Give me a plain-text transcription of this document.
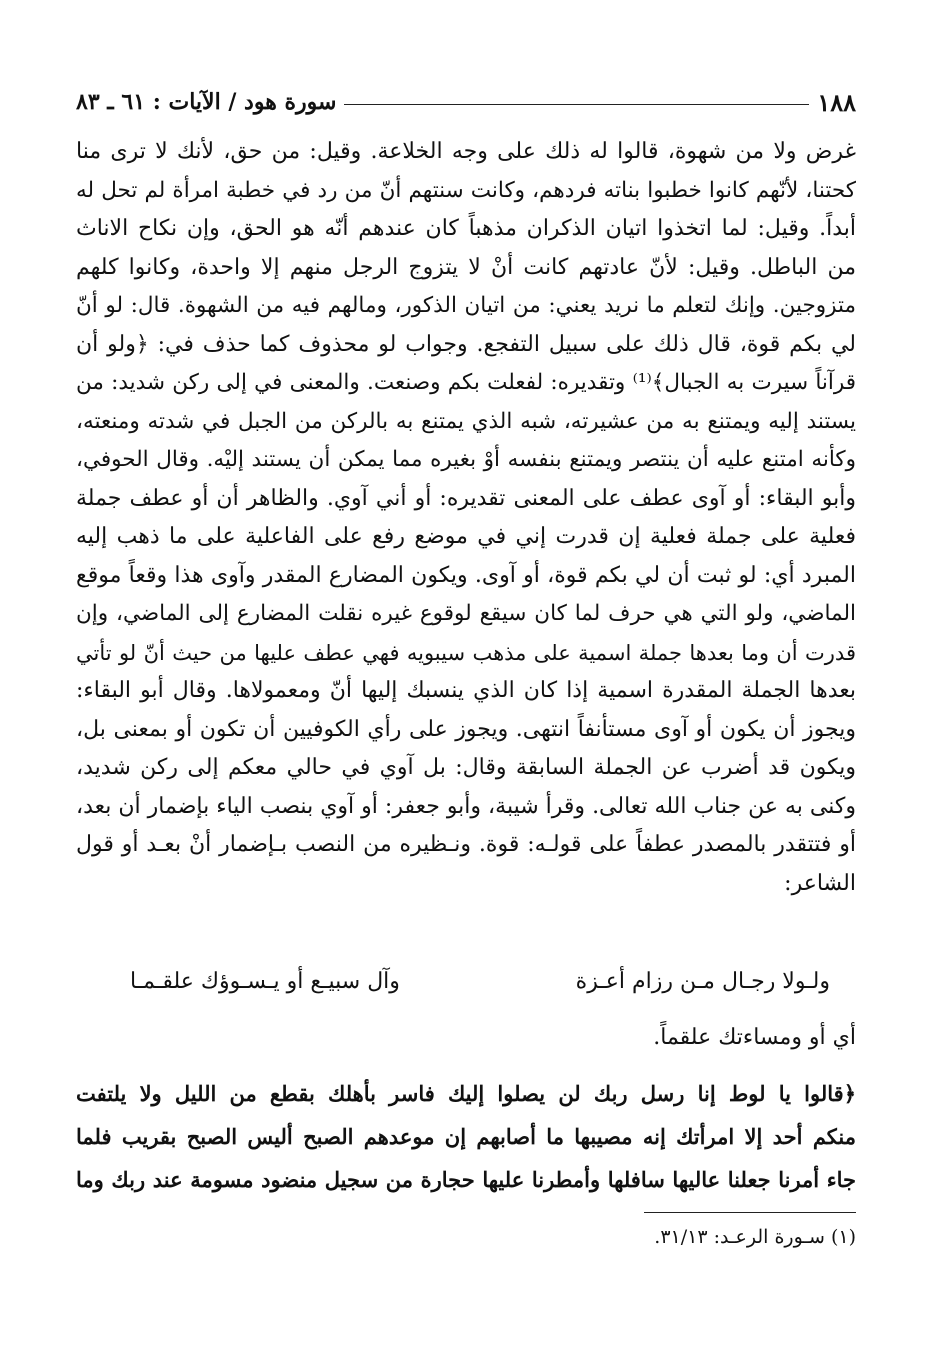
١٨٨
سورة هود / الآيات : ٦١ ـ ٨٣
غرض ولا من شهوة، قالوا له ذلك على وجه الخلاعة. وقيل: من حق، لأنك لا ترى منا
كحتنا، لأنّهم كانوا خطبوا بناته فردهم، وكانت سنتهم أنّ من رد في خطبة امرأة لم تحل له
أبداً. وقيل: لما اتخذوا اتيان الذكران مذهباً كان عندهم أنّه هو الحق، وإن نكاح الاناث
من الباطل. وقيل: لأنّ عادتهم كانت أنْ لا يتزوج الرجل منهم إلا واحدة، وكانوا كلهم
متزوجين. وإنك لتعلم ما نريد يعني: من اتيان الذكور، ومالهم فيه من الشهوة. قال: لو أنّ
لي بكم قوة، قال ذلك على سبيل التفجع. وجواب لو محذوف كما حذف في: ﴿ولو أن
قرآناً سيرت به الجبال﴾⁽¹⁾ وتقديره: لفعلت بكم وصنعت. والمعنى في إلى ركن شديد: من
يستند إليه ويمتنع به من عشيرته، شبه الذي يمتنع به بالركن من الجبل في شدته ومنعته،
وكأنه امتنع عليه أن ينتصر ويمتنع بنفسه أوْ بغيره مما يمكن أن يستند إليْه. وقال الحوفي،
وأبو البقاء: أو آوى عطف على المعنى تقديره: أو أني آوي. والظاهر أن أو عطف جملة
فعلية على جملة فعلية إن قدرت إني في موضع رفع على الفاعلية على ما ذهب إليه
المبرد أي: لو ثبت أن لي بكم قوة، أو آوى. ويكون المضارع المقدر وآوى هذا وقعاً موقع
الماضي، ولو التي هي حرف لما كان سيقع لوقوع غيره نقلت المضارع إلى الماضي، وإن
قدرت أن وما بعدها جملة اسمية على مذهب سيبويه فهي عطف عليها من حيث أنّ لو تأتي
بعدها الجملة المقدرة اسمية إذا كان الذي ينسبك إليها أنّ ومعمولاها. وقال أبو البقاء:
ويجوز أن يكون أو آوى مستأنفاً انتهى. ويجوز على رأي الكوفيين أن تكون أو بمعنى بل،
ويكون قد أضرب عن الجملة السابقة وقال: بل آوي في حالي معكم إلى ركن شديد،
وكنى به عن جناب الله تعالى. وقرأ شيبة، وأبو جعفر: أو آوي بنصب الياء بإضمار أن بعد،
أو فتتقدر بالمصدر عطفاً على قولـه: قوة. ونـظيره من النصب بـإضمار أنْ بعـد أو قول
الشاعر:
ولـولا رجـال مـن رزام أعـزة
وآل سبيـع أو يـسـوؤك علقـمـا
أي أو ومساءتك علقماً.
﴿قالوا يا لوط إنا رسل ربك لن يصلوا إليك فاسر بأهلك بقطع من الليل ولا يلتفت
منكم أحد إلا امرأتك إنه مصيبها ما أصابهم إن موعدهم الصبح أليس الصبح بقريب فلما
جاء أمرنا جعلنا عاليها سافلها وأمطرنا عليها حجارة من سجيل منضود مسومة عند ربك وما
(١) سـورة الرعـد: ٣١/١٣.
